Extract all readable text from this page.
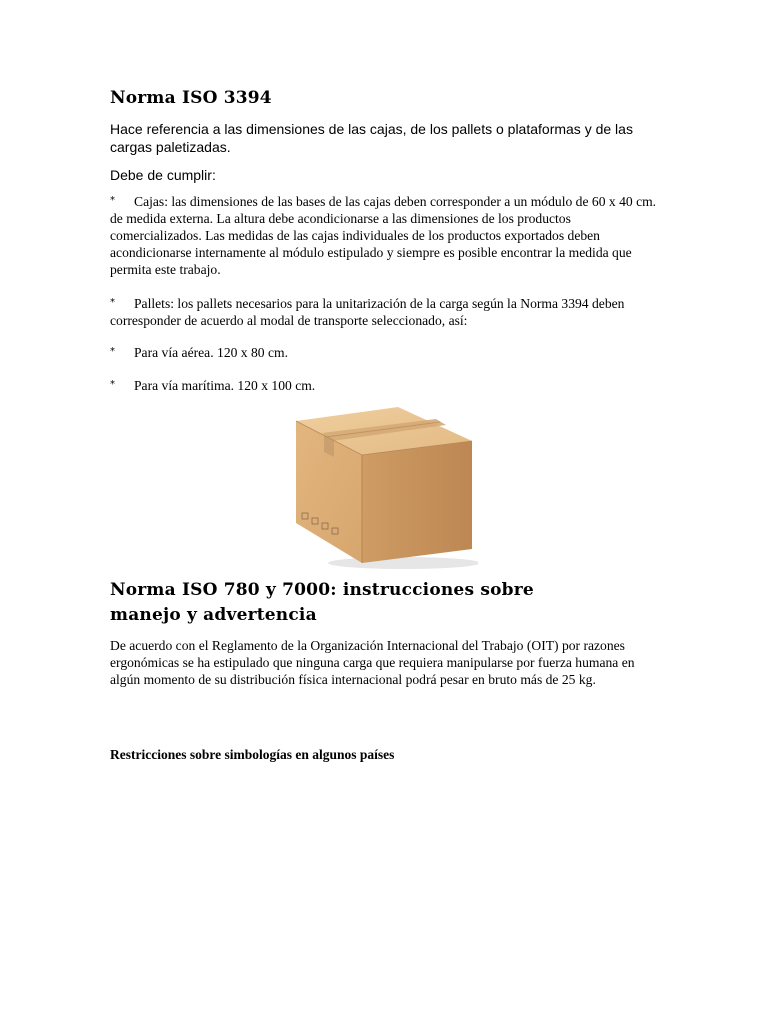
Norma ISO 3394
Hace referencia a las dimensiones de las cajas, de los pallets o plataformas y de las cargas paletizadas.
Debe de cumplir:
* Cajas: las dimensiones de las bases de las cajas deben corresponder a un módulo de 60 x 40 cm. de medida externa. La altura debe acondicionarse a las dimensiones de los productos comercializados. Las medidas de las cajas individuales de los productos exportados deben acondicionarse internamente al módulo estipulado y siempre es posible encontrar la medida que permita este trabajo.
* Pallets: los pallets necesarios para la unitarización de la carga según la Norma 3394 deben corresponder de acuerdo al modal de transporte seleccionado, así:
* Para vía aérea. 120 x 80 cm.
* Para vía marítima. 120 x 100 cm.
Norma ISO 780 y 7000: instrucciones sobre manejo y advertencia
De acuerdo con el Reglamento de la Organización Internacional del Trabajo (OIT) por razones ergonómicas se ha estipulado que ninguna carga que requiera manipularse por fuerza humana en algún momento de su distribución física internacional podrá pesar en bruto más de 25 kg.
Restricciones sobre simbologías en algunos países
